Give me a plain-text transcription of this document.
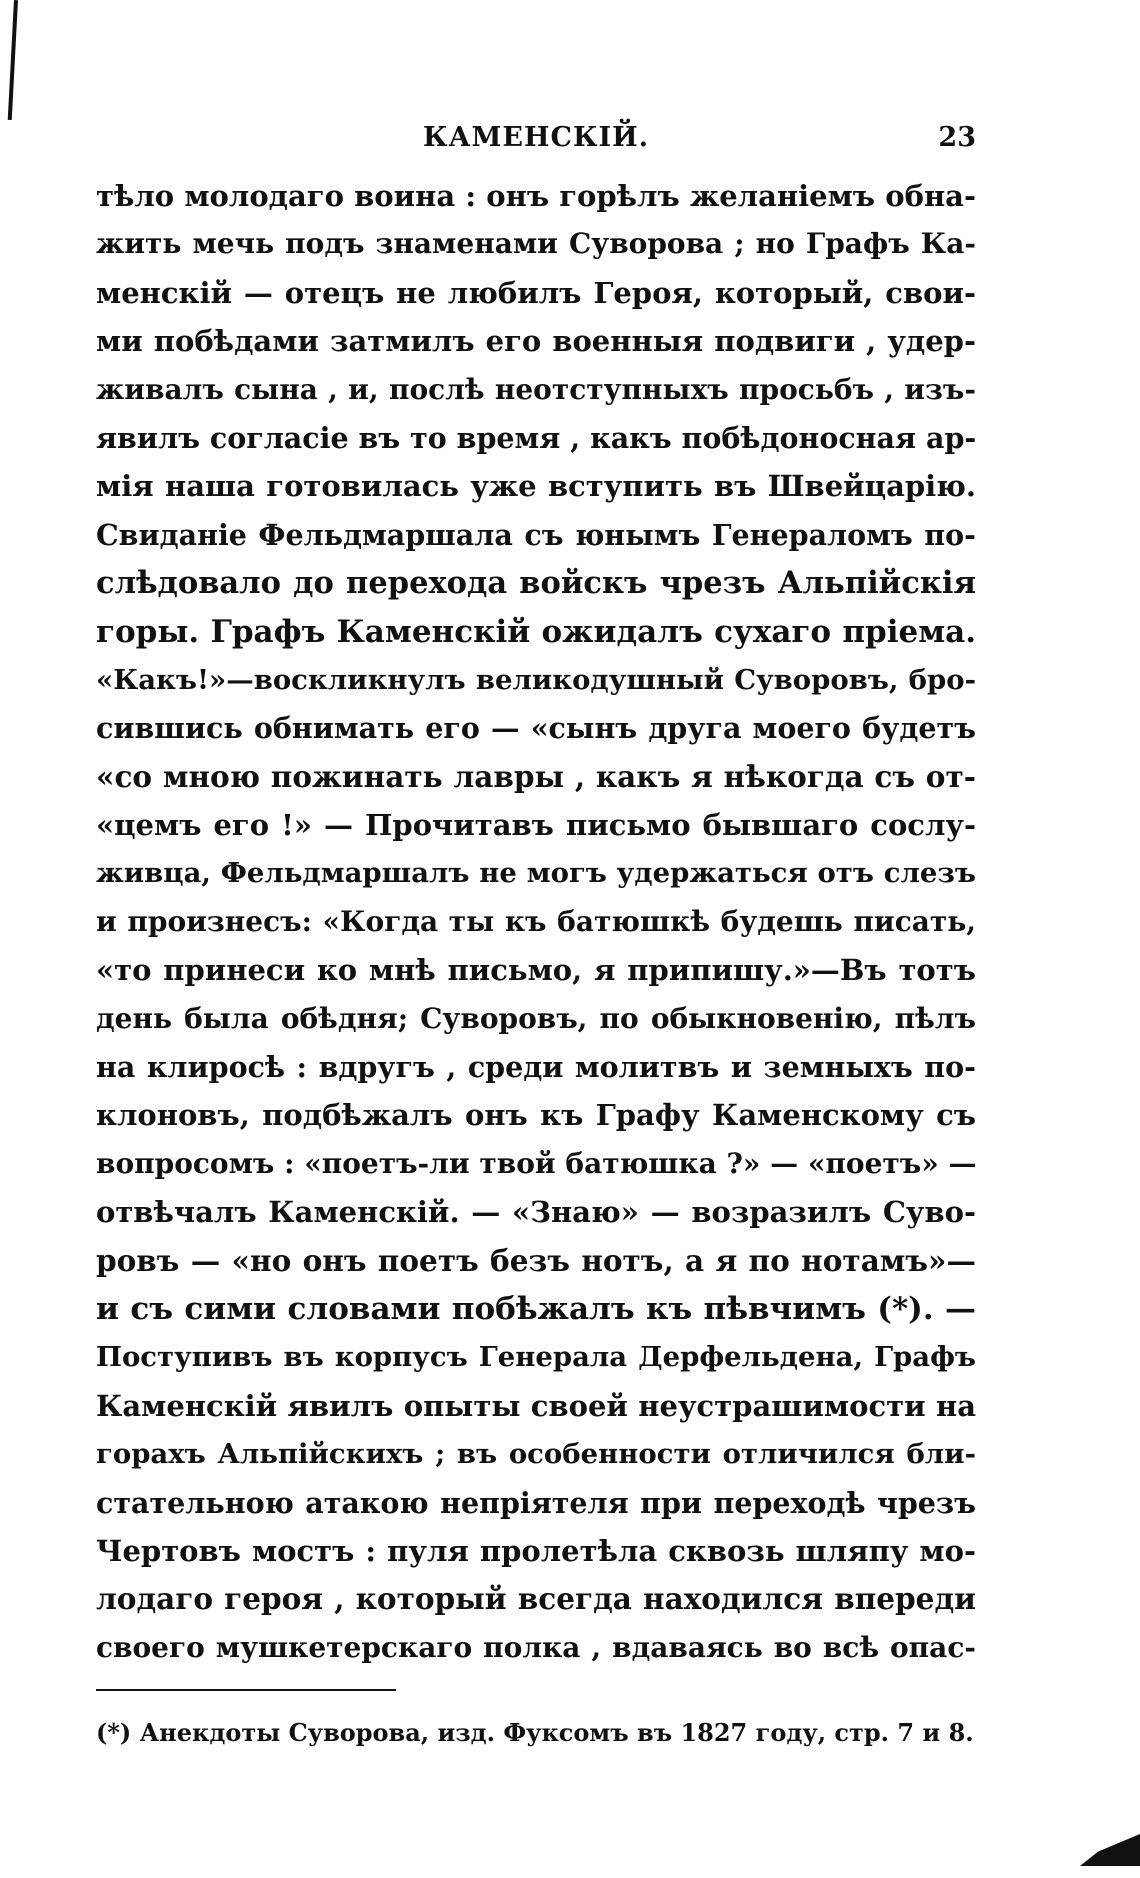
КАМЕНСКІЙ.	23
тѣло молодаго воина : онъ горѣлъ желаніемъ обна-
жить мечь подъ знаменами Суворова ; но Графъ Ка-
менскій — отецъ не любилъ Героя, который, свои-
ми побѣдами затмилъ его военныя подвиги , удер-
живалъ сына , и, послѣ неотступныхъ просьбъ , изъ-
явилъ согласіе въ то время , какъ побѣдоносная ар-
мія наша готовилась уже вступить въ Швейцарію.
Свиданіе Фельдмаршала съ юнымъ Генераломъ по-
слѣдовало до перехода войскъ чрезъ Альпійскія
горы. Графъ Каменскій ожидалъ сухаго пріема.
«Какъ!»—воскликнулъ великодушный Суворовъ, бро-
сившись обнимать его — «сынъ друга моего будетъ
«со мною пожинать лавры , какъ я нѣкогда съ от-
«цемъ его !» — Прочитавъ письмо бывшаго сослу-
живца, Фельдмаршалъ не могъ удержаться отъ слезъ
и произнесъ: «Когда ты къ батюшкѣ будешь писать,
«то принеси ко мнѣ письмо, я припишу.»—Въ тотъ
день была обѣдня; Суворовъ, по обыкновенію, пѣлъ
на клиросѣ : вдругъ , среди молитвъ и земныхъ по-
клоновъ, подбѣжалъ онъ къ Графу Каменскому съ
вопросомъ : «поетъ-ли твой батюшка ?» — «поетъ» —
отвѣчалъ Каменскій. — «Знаю» — возразилъ Суво-
ровъ — «но онъ поетъ безъ нотъ, а я по нотамъ»—
и съ сими словами побѣжалъ къ пѣвчимъ (*). —
Поступивъ въ корпусъ Генерала Дерфельдена, Графъ
Каменскій явилъ опыты своей неустрашимости на
горахъ Альпійскихъ ; въ особенности отличился бли-
стательною атакою непріятеля при переходѣ чрезъ
Чертовъ мостъ : пуля пролетѣла сквозь шляпу мо-
лодаго героя , который всегда находился впереди
своего мушкетерскаго полка , вдаваясь во всѣ опас-
(*) Анекдоты Суворова, изд. Фуксомъ въ 1827 году, стр. 7 и 8.
